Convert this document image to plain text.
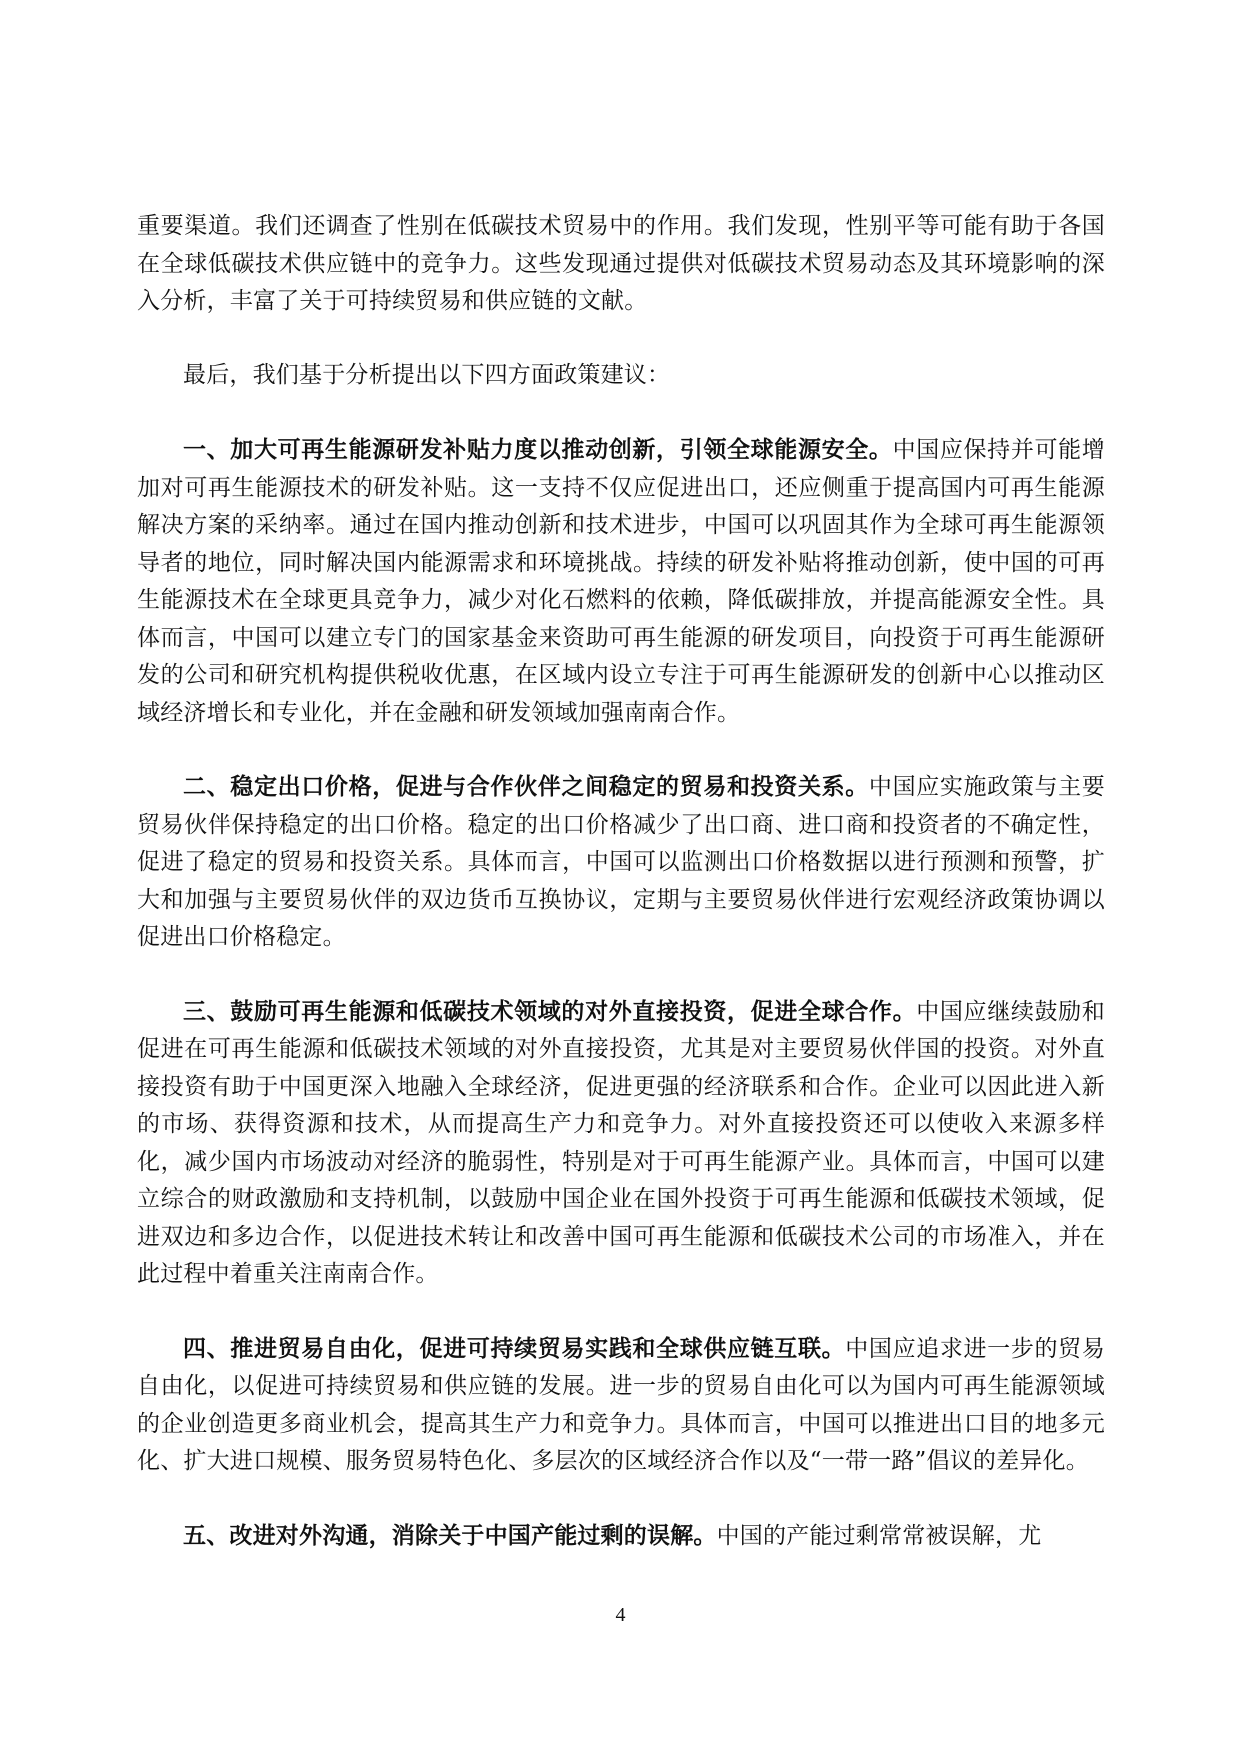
重要渠道。我们还调查了性别在低碳技术贸易中的作用。我们发现，性别平等可能有助于各国在全球低碳技术供应链中的竞争力。这些发现通过提供对低碳技术贸易动态及其环境影响的深入分析，丰富了关于可持续贸易和供应链的文献。

最后，我们基于分析提出以下四方面政策建议：

一、加大可再生能源研发补贴力度以推动创新，引领全球能源安全。中国应保持并可能增加对可再生能源技术的研发补贴。这一支持不仅应促进出口，还应侧重于提高国内可再生能源解决方案的采纳率。通过在国内推动创新和技术进步，中国可以巩固其作为全球可再生能源领导者的地位，同时解决国内能源需求和环境挑战。持续的研发补贴将推动创新，使中国的可再生能源技术在全球更具竞争力，减少对化石燃料的依赖，降低碳排放，并提高能源安全性。具体而言，中国可以建立专门的国家基金来资助可再生能源的研发项目，向投资于可再生能源研发的公司和研究机构提供税收优惠，在区域内设立专注于可再生能源研发的创新中心以推动区域经济增长和专业化，并在金融和研发领域加强南南合作。

二、稳定出口价格，促进与合作伙伴之间稳定的贸易和投资关系。中国应实施政策与主要贸易伙伴保持稳定的出口价格。稳定的出口价格减少了出口商、进口商和投资者的不确定性，促进了稳定的贸易和投资关系。具体而言，中国可以监测出口价格数据以进行预测和预警，扩大和加强与主要贸易伙伴的双边货币互换协议，定期与主要贸易伙伴进行宏观经济政策协调以促进出口价格稳定。

三、鼓励可再生能源和低碳技术领域的对外直接投资，促进全球合作。中国应继续鼓励和促进在可再生能源和低碳技术领域的对外直接投资，尤其是对主要贸易伙伴国的投资。对外直接投资有助于中国更深入地融入全球经济，促进更强的经济联系和合作。企业可以因此进入新的市场、获得资源和技术，从而提高生产力和竞争力。对外直接投资还可以使收入来源多样化，减少国内市场波动对经济的脆弱性，特别是对于可再生能源产业。具体而言，中国可以建立综合的财政激励和支持机制，以鼓励中国企业在国外投资于可再生能源和低碳技术领域，促进双边和多边合作，以促进技术转让和改善中国可再生能源和低碳技术公司的市场准入，并在此过程中着重关注南南合作。

四、推进贸易自由化，促进可持续贸易实践和全球供应链互联。中国应追求进一步的贸易自由化，以促进可持续贸易和供应链的发展。进一步的贸易自由化可以为国内可再生能源领域的企业创造更多商业机会，提高其生产力和竞争力。具体而言，中国可以推进出口目的地多元化、扩大进口规模、服务贸易特色化、多层次的区域经济合作以及“一带一路”倡议的差异化。

五、改进对外沟通，消除关于中国产能过剩的误解。中国的产能过剩常常被误解，尤

4
